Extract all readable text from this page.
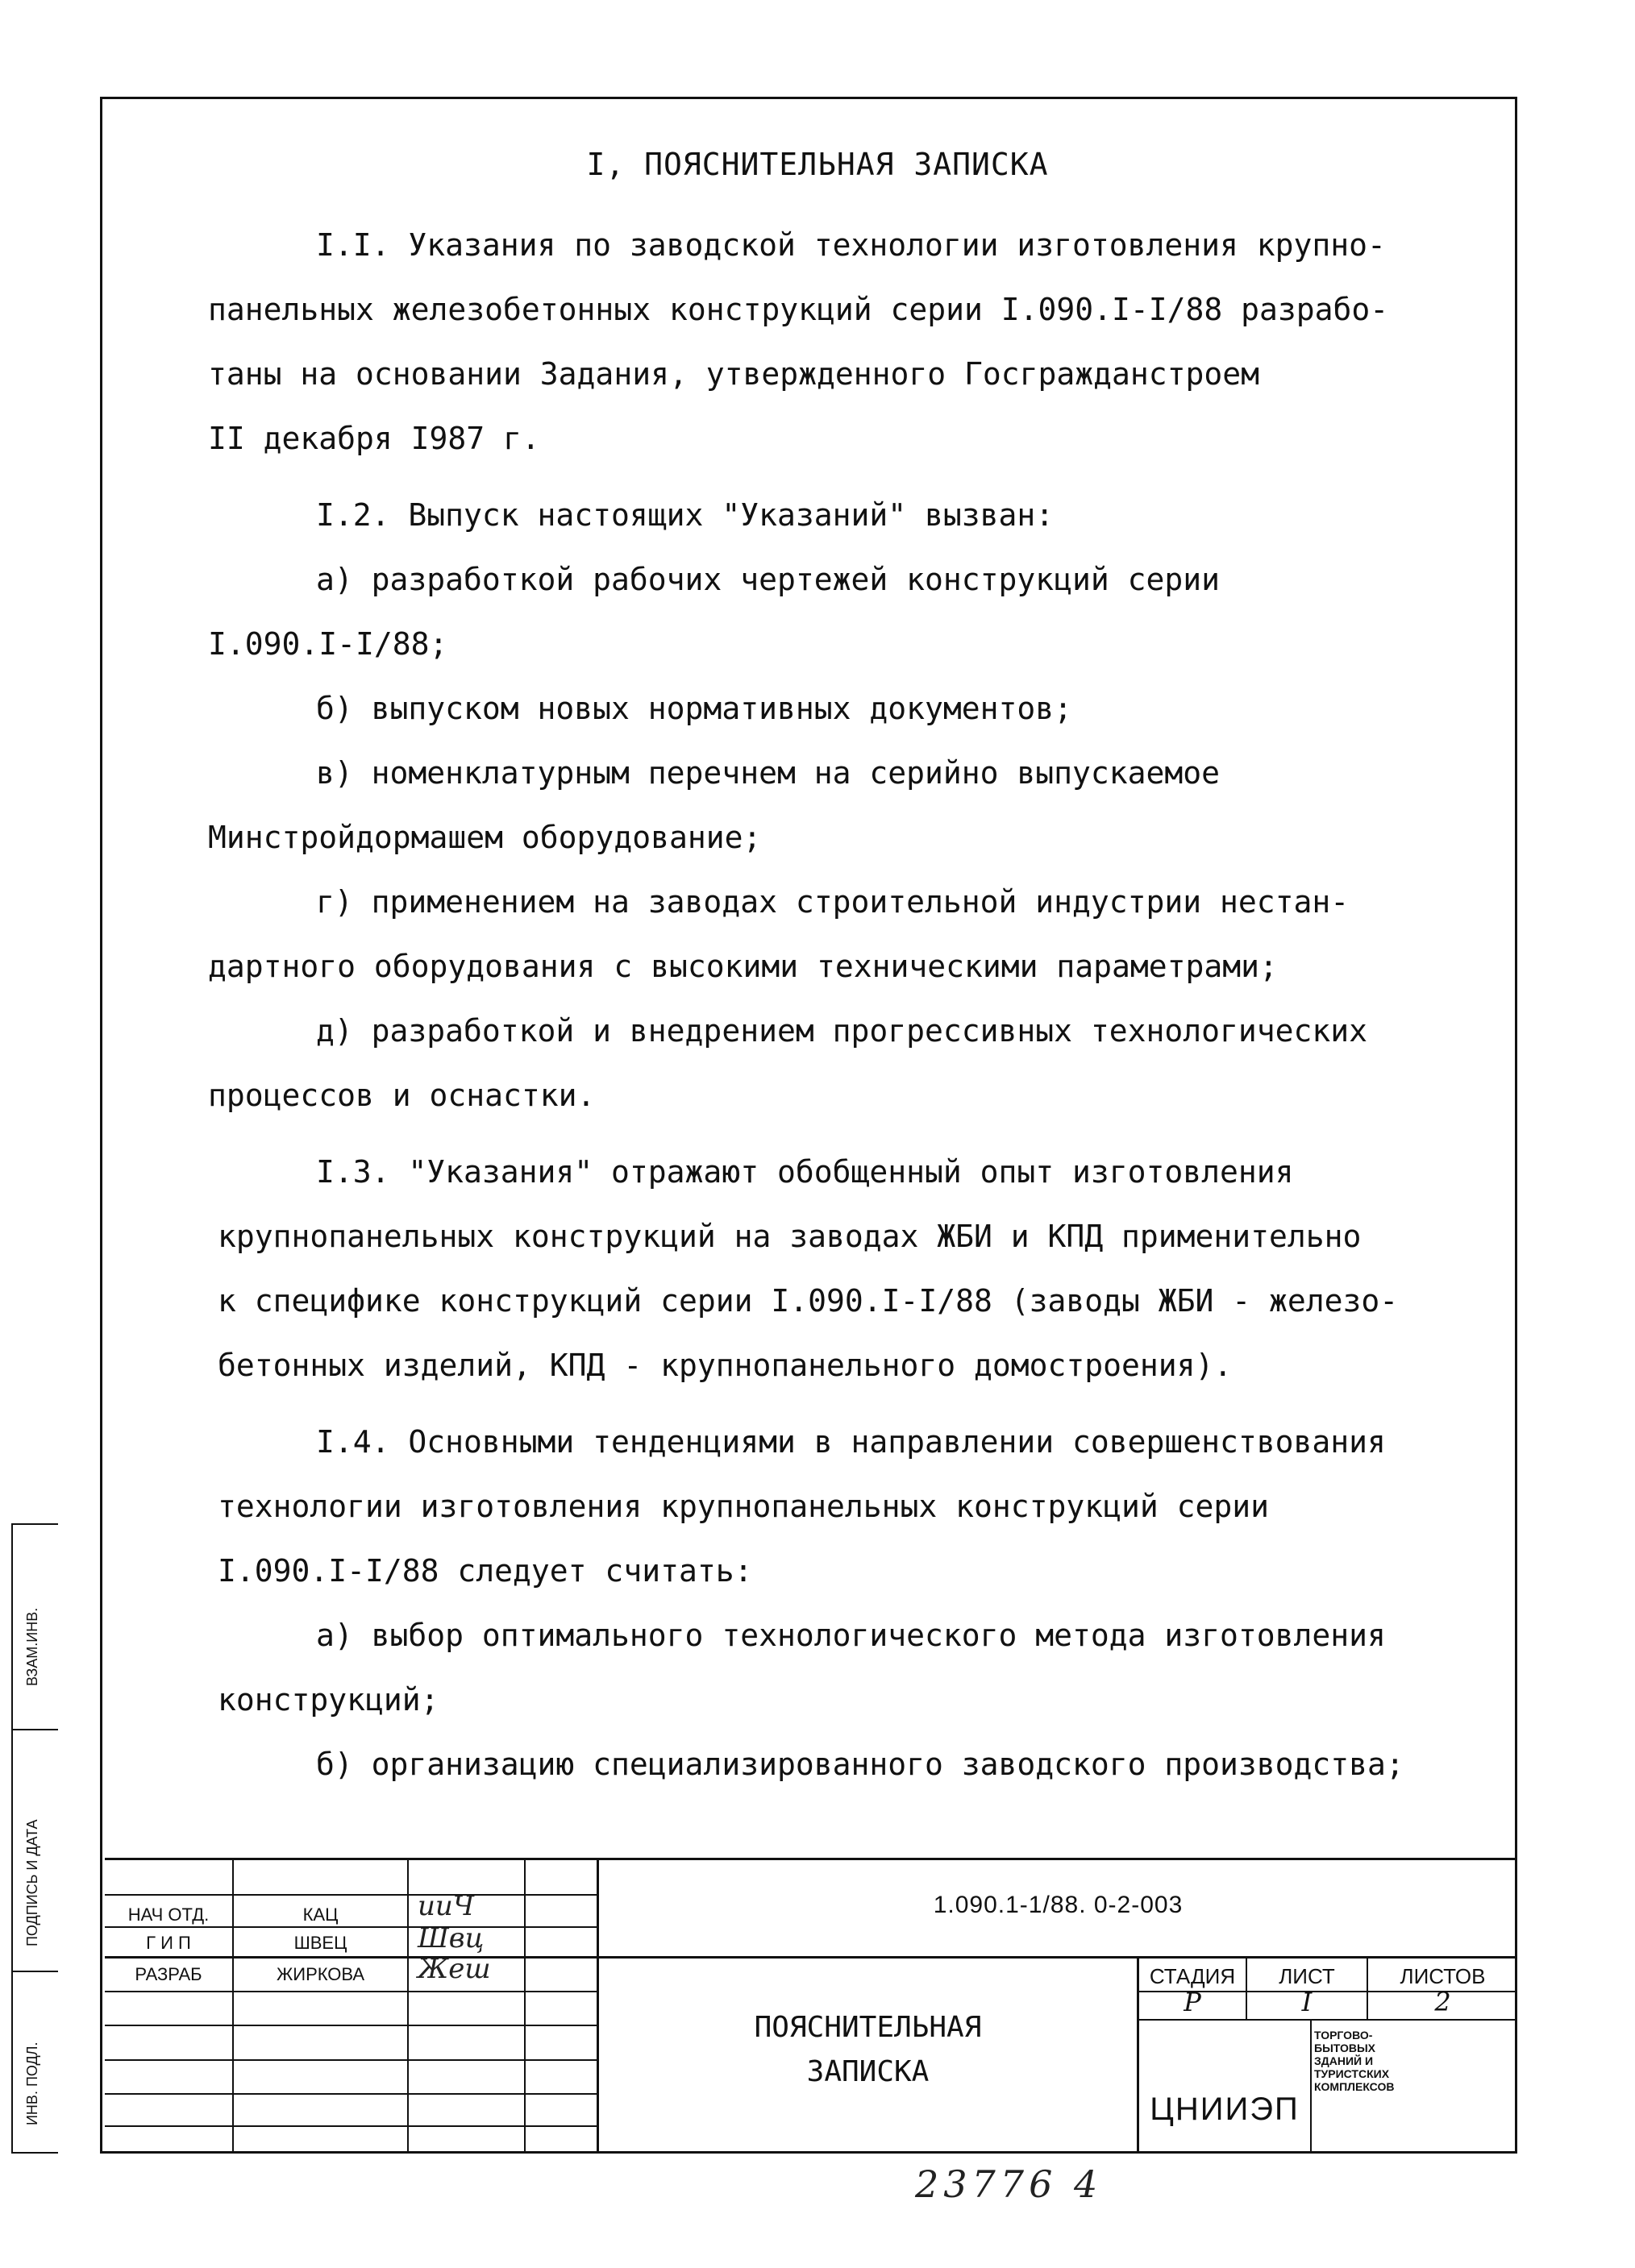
I, ПОЯСНИТЕЛЬНАЯ ЗАПИСКА
I.I. Указания по заводской технологии изготовления крупно-
панельных железобетонных конструкций серии I.090.I-I/88 разрабо-
таны на основании Задания, утвержденного Госгражданстроем
II декабря I987 г.
I.2. Выпуск настоящих "Указаний" вызван:
а) разработкой рабочих чертежей конструкций серии
I.090.I-I/88;
б) выпуском новых нормативных документов;
в) номенклатурным перечнем на серийно выпускаемое
Минстройдормашем оборудование;
г) применением на заводах строительной индустрии нестан-
дартного оборудования с высокими техническими параметрами;
д) разработкой и внедрением прогрессивных технологических
процессов и оснастки.
I.3. "Указания" отражают обобщенный опыт изготовления
крупнопанельных конструкций на заводах ЖБИ и КПД применительно
к специфике конструкций серии I.090.I-I/88 (заводы ЖБИ - железо-
бетонных изделий, КПД - крупнопанельного домостроения).
I.4. Основными тенденциями в направлении совершенствования
технологии изготовления крупнопанельных конструкций серии
I.090.I-I/88 следует считать:
а) выбор оптимального технологического метода изготовления
конструкций;
б) организацию специализированного заводского производства;
НАЧ ОТД.	КАЦ	ииЧ
Г И П	ШВЕЦ	Швц
РАЗРАБ	ЖИРКОВА	Жеш
1.090.1-1/88. 0-2-003
ПОЯСНИТЕЛЬНАЯ
ЗАПИСКА
СТАДИЯ	ЛИСТ	ЛИСТОВ
Р	I	2
ЦНИИЭП
ТОРГОВО-
БЫТОВЫХ
ЗДАНИЙ И
ТУРИСТСКИХ
КОМПЛЕКСОВ
ВЗАМ.ИНВ.
ПОДПИСЬ И ДАТА
ИНВ. ПОДЛ.
23776 4
